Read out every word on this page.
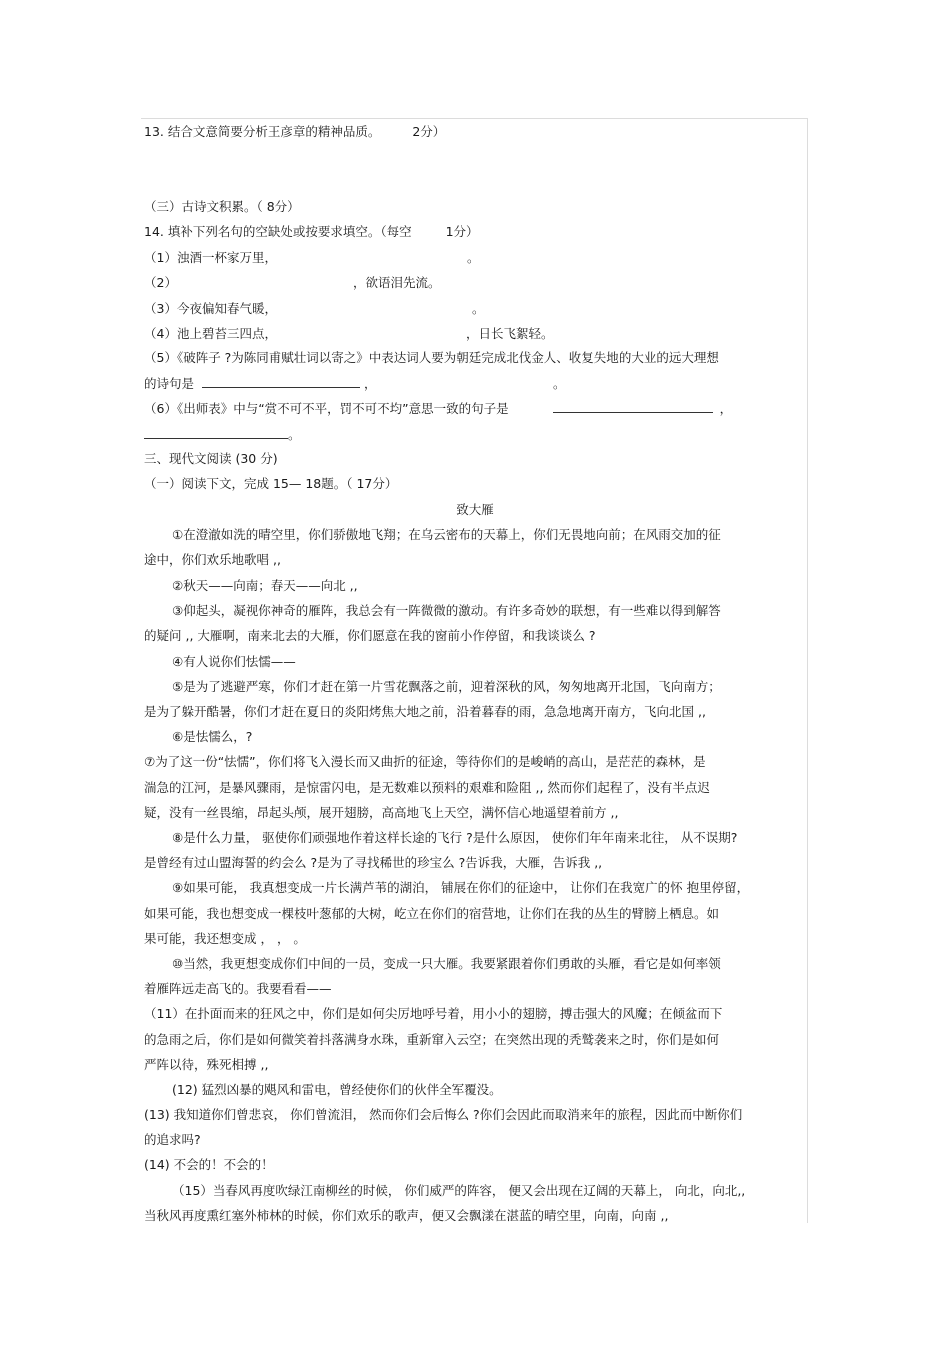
13. 结合文意简要分析王彦章的精神品质。	2分）
（三）古诗文积累。（ 8分）
14. 填补下列名句的空缺处或按要求填空。（每空	1分）
（1）浊酒一杯家万里，	。
（2）	，欲语泪先流。
（3）今夜偏知春气暖，	。
（4）池上碧苔三四点，	，日长飞絮轻。
（5）《破阵子 ?为陈同甫赋壮词以寄之》中表达词人要为朝廷完成北伐金人、收复失地的大业的远大理想
的诗句是	，	。
（6）《出师表》中与“赏不可不平，罚不可不均”意思一致的句子是	，
。
三、现代文阅读 (30 分)
（一）阅读下文，完成 15— 18题。（ 17分）
致大雁
①在澄澈如洗的晴空里，你们骄傲地飞翔；在乌云密布的天幕上，你们无畏地向前；在风雨交加的征
途中，你们欢乐地歌唱 ,,
②秋天——向南；春天——向北 ,,
③仰起头，凝视你神奇的雁阵，我总会有一阵微微的激动。有许多奇妙的联想，有一些难以得到解答
的疑问 ,, 大雁啊，南来北去的大雁，你们愿意在我的窗前小作停留，和我谈谈么 ?
④有人说你们怯懦——
⑤是为了逃避严寒，你们才赶在第一片雪花飘落之前，迎着深秋的风，匆匆地离开北国，飞向南方；
是为了躲开酷暑，你们才赶在夏日的炎阳烤焦大地之前，沿着暮春的雨，急急地离开南方，飞向北国 ,,
⑥是怯懦么，?
⑦为了这一份“怯懦”，你们将飞入漫长而又曲折的征途，等待你们的是峻峭的高山，是茫茫的森林，是
湍急的江河，是暴风骤雨，是惊雷闪电，是无数难以预料的艰难和险阻 ,, 然而你们起程了，没有半点迟
疑，没有一丝畏缩，昂起头颅，展开翅膀，高高地飞上天空，满怀信心地遥望着前方 ,,
⑧是什么力量， 驱使你们顽强地作着这样长途的飞行 ?是什么原因， 使你们年年南来北往， 从不误期?
是曾经有过山盟海誓的约会么 ?是为了寻找稀世的珍宝么 ?告诉我，大雁，告诉我 ,,
⑨如果可能， 我真想变成一片长满芦苇的湖泊， 铺展在你们的征途中， 让你们在我宽广的怀 抱里停留，
如果可能，我也想变成一棵枝叶葱郁的大树，屹立在你们的宿营地，让你们在我的丛生的臂膀上栖息。如
果可能，我还想变成 ， ， 。
⑩当然，我更想变成你们中间的一员，变成一只大雁。我要紧跟着你们勇敢的头雁，看它是如何率领
着雁阵远走高飞的。我要看看——
（11）在扑面而来的狂风之中，你们是如何尖厉地呼号着，用小小的翅膀，搏击强大的风魔；在倾盆而下
的急雨之后，你们是如何微笑着抖落满身水珠，重新窜入云空；在突然出现的秃鹫袭来之时，你们是如何
严阵以待，殊死相搏 ,,
(12) 猛烈凶暴的飓风和雷电，曾经使你们的伙伴全军覆没。
(13) 我知道你们曾悲哀， 你们曾流泪， 然而你们会后悔么 ?你们会因此而取消来年的旅程，因此而中断你们
的追求吗?
(14) 不会的！不会的！
（15）当春风再度吹绿江南柳丝的时候， 你们威严的阵容， 便又会出现在辽阔的天幕上， 向北，向北,,
当秋风再度熏红塞外柿林的时候，你们欢乐的歌声，便又会飘漾在湛蓝的晴空里，向南，向南 ,,
